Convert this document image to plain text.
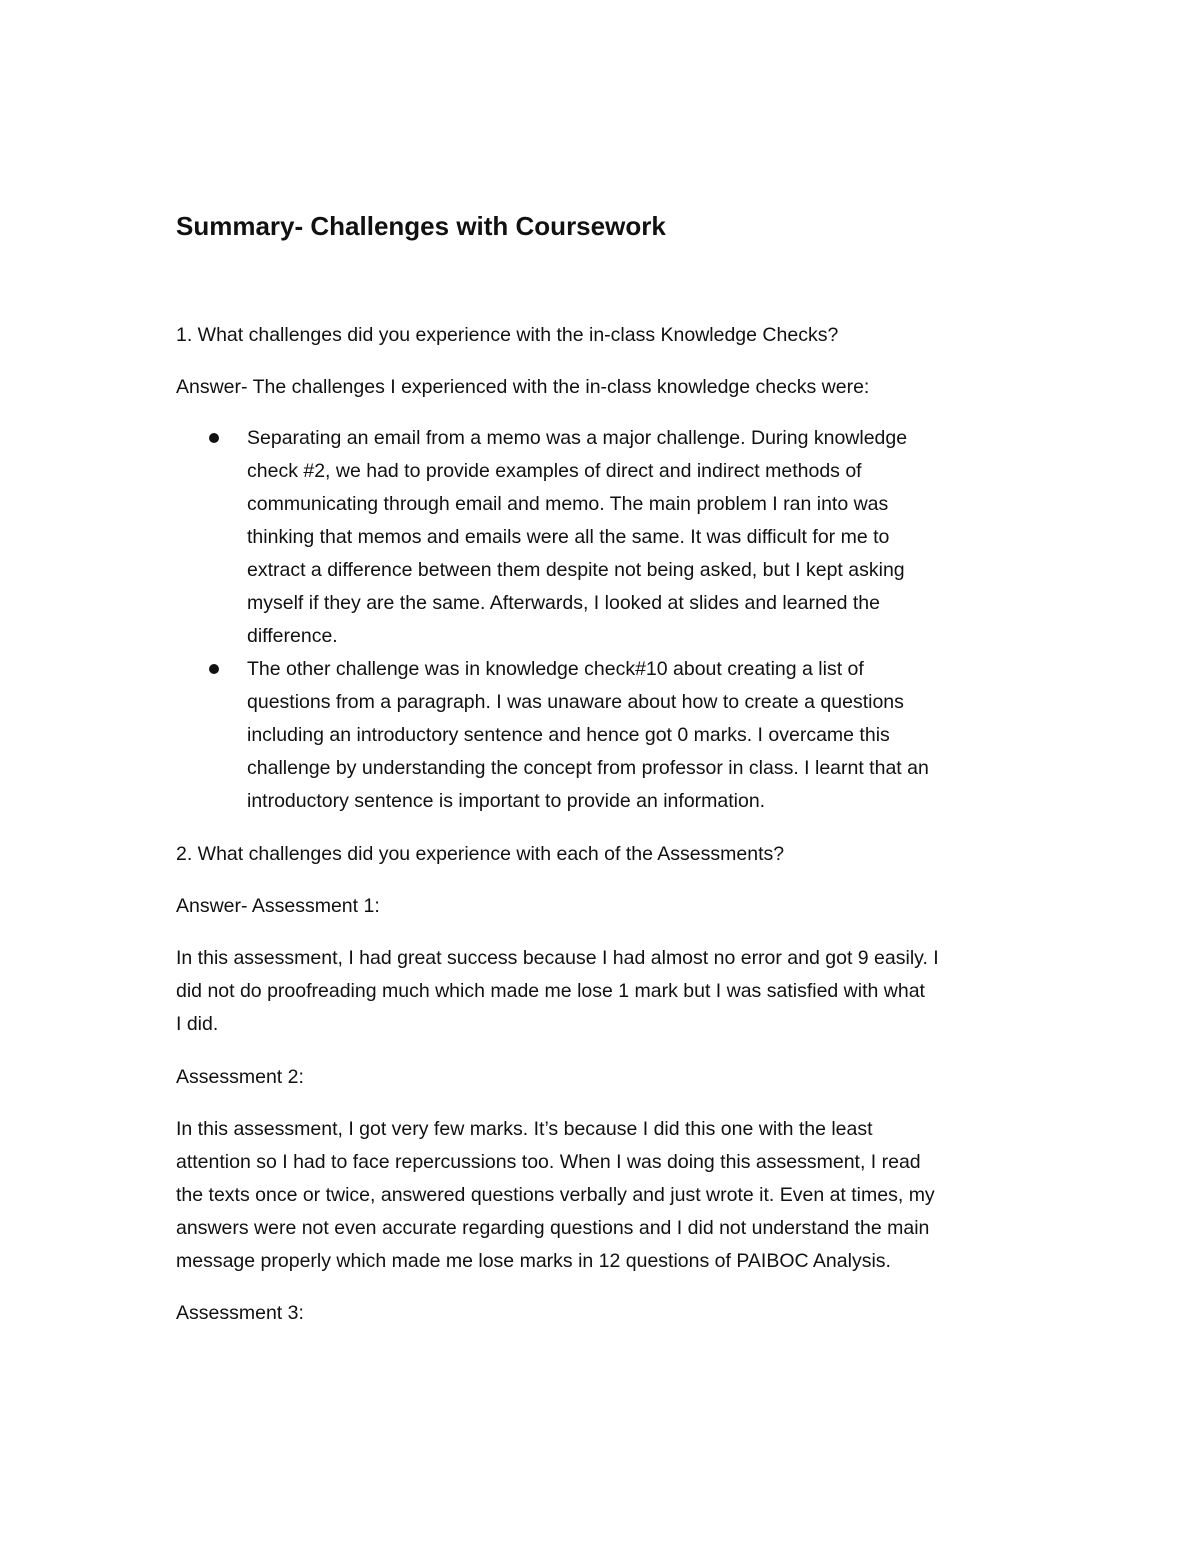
Summary- Challenges with Coursework

1. What challenges did you experience with the in-class Knowledge Checks?

Answer- The challenges I experienced with the in-class knowledge checks were:

Separating an email from a memo was a major challenge. During knowledge

check #2, we had to provide examples of direct and indirect methods of

communicating through email and memo. The main problem I ran into was

thinking that memos and emails were all the same. It was difficult for me to

extract a difference between them despite not being asked, but I kept asking

myself if they are the same. Afterwards, I looked at slides and learned the

difference.

The other challenge was in knowledge check#10 about creating a list of

questions from a paragraph. I was unaware about how to create a questions

including an introductory sentence and hence got 0 marks. I overcame this

challenge by understanding the concept from professor in class. I learnt that an

introductory sentence is important to provide an information.

2. What challenges did you experience with each of the Assessments?

Answer- Assessment 1:

In this assessment, I had great success because I had almost no error and got 9 easily. I

did not do proofreading much which made me lose 1 mark but I was satisfied with what

I did.

Assessment 2:

In this assessment, I got very few marks. It’s because I did this one with the least

attention so I had to face repercussions too. When I was doing this assessment, I read

the texts once or twice, answered questions verbally and just wrote it. Even at times, my

answers were not even accurate regarding questions and I did not understand the main

message properly which made me lose marks in 12 questions of PAIBOC Analysis.

Assessment 3:
